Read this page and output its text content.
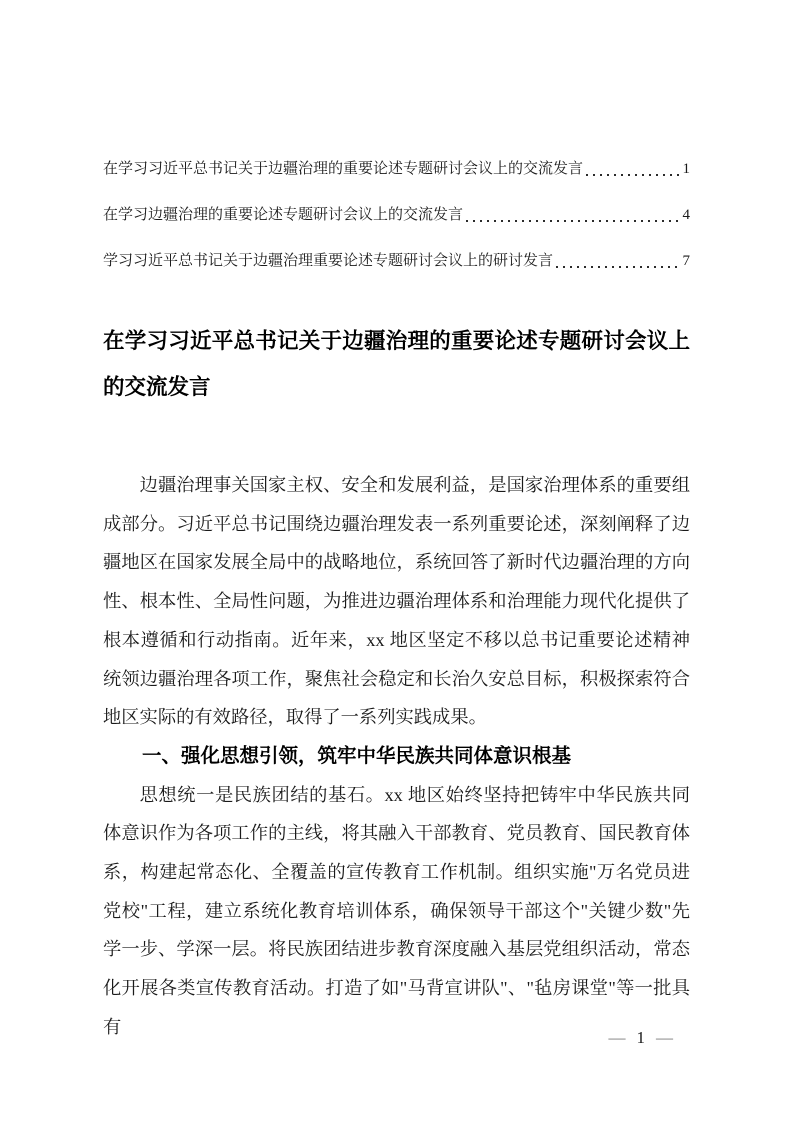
在学习习近平总书记关于边疆治理的重要论述专题研讨会议上的交流发言	1
在学习边疆治理的重要论述专题研讨会议上的交流发言	4
学习习近平总书记关于边疆治理重要论述专题研讨会议上的研讨发言	7
在学习习近平总书记关于边疆治理的重要论述专题研讨会议上的交流发言

边疆治理事关国家主权、安全和发展利益，是国家治理体系的重要组成部分。习近平总书记围绕边疆治理发表一系列重要论述，深刻阐释了边疆地区在国家发展全局中的战略地位，系统回答了新时代边疆治理的方向性、根本性、全局性问题，为推进边疆治理体系和治理能力现代化提供了根本遵循和行动指南。近年来，xx 地区坚定不移以总书记重要论述精神统领边疆治理各项工作，聚焦社会稳定和长治久安总目标，积极探索符合地区实际的有效路径，取得了一系列实践成果。

一、强化思想引领，筑牢中华民族共同体意识根基

思想统一是民族团结的基石。xx 地区始终坚持把铸牢中华民族共同体意识作为各项工作的主线，将其融入干部教育、党员教育、国民教育体系，构建起常态化、全覆盖的宣传教育工作机制。组织实施"万名党员进党校"工程，建立系统化教育培训体系，确保领导干部这个"关键少数"先学一步、学深一层。将民族团结进步教育深度融入基层党组织活动，常态化开展各类宣传教育活动。打造了如"马背宣讲队"、"毡房课堂"等一批具有

— 1 —
